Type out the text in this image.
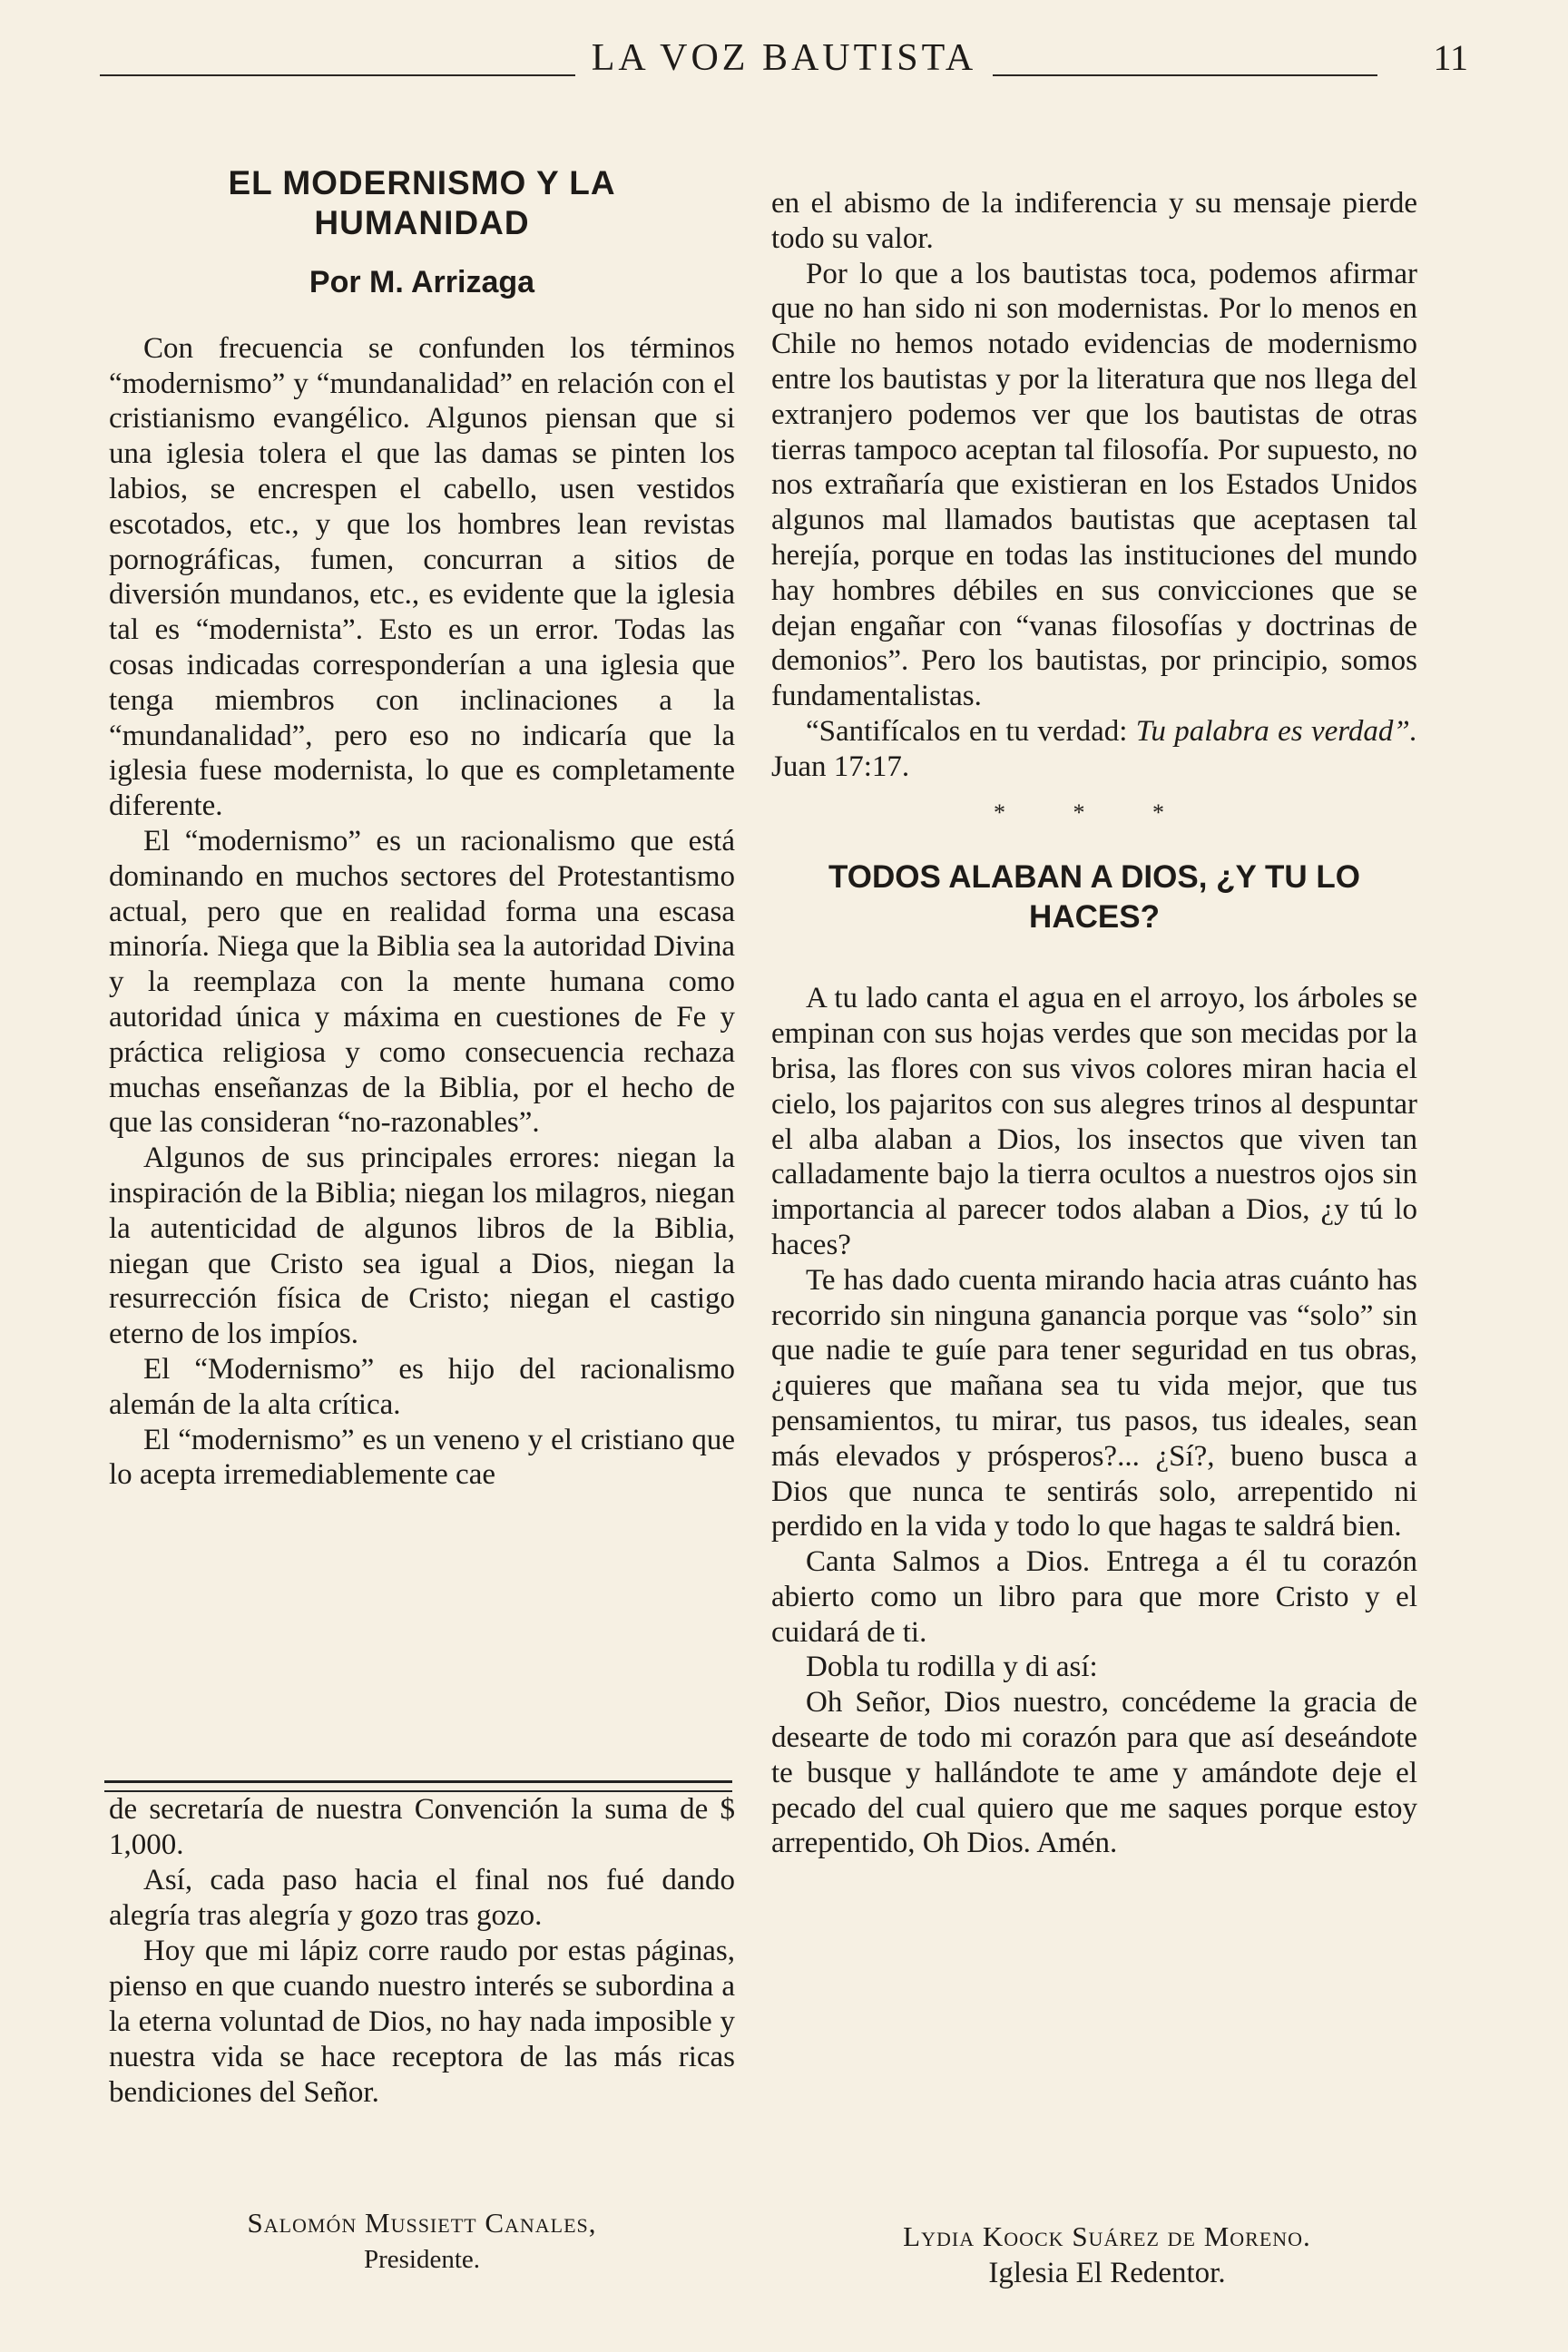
LA VOZ BAUTISTA	11
EL MODERNISMO Y LA
HUMANIDAD
Por M. Arrizaga

Con frecuencia se confunden los términos “modernismo” y “mundanalidad” en relación con el cristianismo evangélico. Algunos piensan que si una iglesia tolera el que las damas se pinten los labios, se encrespen el cabello, usen vestidos escotados, etc., y que los hombres lean revistas pornográficas, fumen, concurran a sitios de diversión mundanos, etc., es evidente que la iglesia tal es “modernista”. Esto es un error. Todas las cosas indicadas corresponderían a una iglesia que tenga miembros con inclinaciones a la “mundanalidad”, pero eso no indicaría que la iglesia fuese modernista, lo que es completamente diferente.

El “modernismo” es un racionalismo que está dominando en muchos sectores del Protestantismo actual, pero que en realidad forma una escasa minoría. Niega que la Biblia sea la autoridad Divina y la reemplaza con la mente humana como autoridad única y máxima en cuestiones de Fe y práctica religiosa y como consecuencia rechaza muchas enseñanzas de la Biblia, por el hecho de que las consideran “no-razonables”.

Algunos de sus principales errores: niegan la inspiración de la Biblia; niegan los milagros, niegan la autenticidad de algunos libros de la Biblia, niegan que Cristo sea igual a Dios, niegan la resurrección física de Cristo; niegan el castigo eterno de los impíos.

El “Modernismo” es hijo del racionalismo alemán de la alta crítica.

El “modernismo” es un veneno y el cristiano que lo acepta irremediablemente cae

de secretaría de nuestra Convención la suma de $ 1,000.

Así, cada paso hacia el final nos fué dando alegría tras alegría y gozo tras gozo.

Hoy que mi lápiz corre raudo por estas páginas, pienso en que cuando nuestro interés se subordina a la eterna voluntad de Dios, no hay nada imposible y nuestra vida se hace receptora de las más ricas bendiciones del Señor.

Salomón Mussiett Canales,
Presidente.

en el abismo de la indiferencia y su mensaje pierde todo su valor.

Por lo que a los bautistas toca, podemos afirmar que no han sido ni son modernistas. Por lo menos en Chile no hemos notado evidencias de modernismo entre los bautistas y por la literatura que nos llega del extranjero podemos ver que los bautistas de otras tierras tampoco aceptan tal filosofía. Por supuesto, no nos extrañaría que existieran en los Estados Unidos algunos mal llamados bautistas que aceptasen tal herejía, porque en todas las instituciones del mundo hay hombres débiles en sus convicciones que se dejan engañar con “vanas filosofías y doctrinas de demonios”. Pero los bautistas, por principio, somos fundamentalistas.

“Santifícalos en tu verdad: Tu palabra es verdad”. Juan 17:17.

* * *
TODOS ALABAN A DIOS, ¿Y TU LO
HACES?

A tu lado canta el agua en el arroyo, los árboles se empinan con sus hojas verdes que son mecidas por la brisa, las flores con sus vivos colores miran hacia el cielo, los pajaritos con sus alegres trinos al despuntar el alba alaban a Dios, los insectos que viven tan calladamente bajo la tierra ocultos a nuestros ojos sin importancia al parecer todos alaban a Dios, ¿y tú lo haces?

Te has dado cuenta mirando hacia atras cuánto has recorrido sin ninguna ganancia porque vas “solo” sin que nadie te guíe para tener seguridad en tus obras, ¿quieres que mañana sea tu vida mejor, que tus pensamientos, tu mirar, tus pasos, tus ideales, sean más elevados y prósperos?... ¿Sí?, bueno busca a Dios que nunca te sentirás solo, arrepentido ni perdido en la vida y todo lo que hagas te saldrá bien.

Canta Salmos a Dios. Entrega a él tu corazón abierto como un libro para que more Cristo y el cuidará de ti.

Dobla tu rodilla y di así:

Oh Señor, Dios nuestro, concédeme la gracia de desearte de todo mi corazón para que así deseándote te busque y hallándote te ame y amándote deje el pecado del cual quiero que me saques porque estoy arrepentido, Oh Dios. Amén.

Lydia Koock Suárez de Moreno.
Iglesia El Redentor.
